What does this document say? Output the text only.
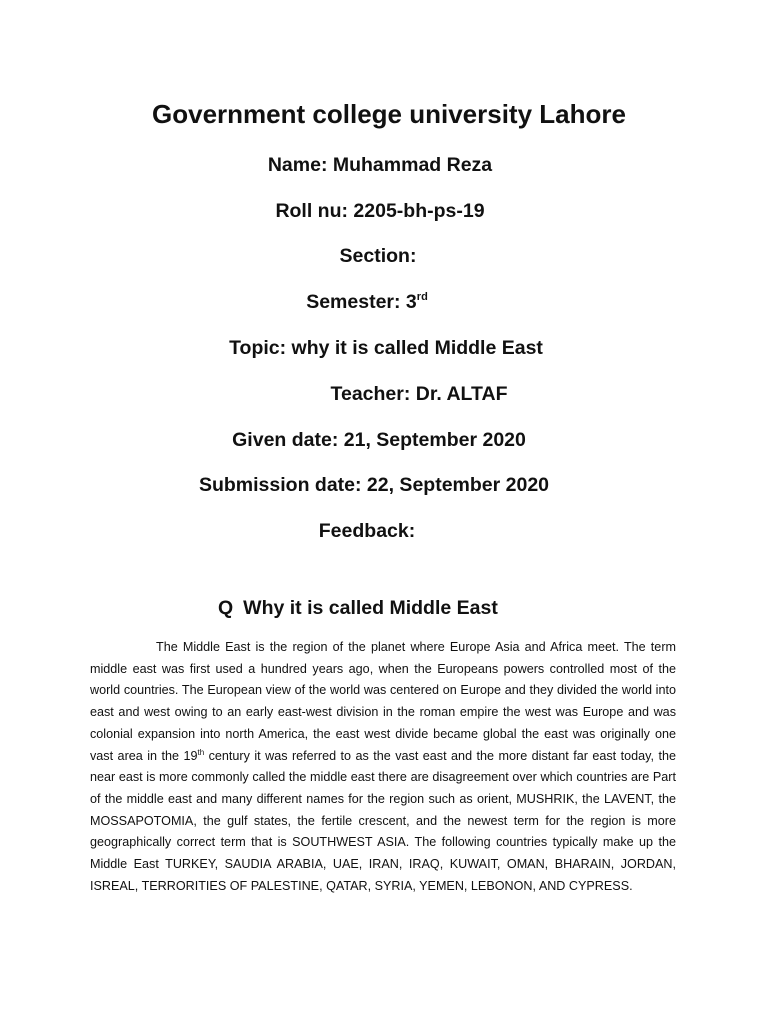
Government college university Lahore
Name: Muhammad Reza
Roll nu: 2205-bh-ps-19
Section:
Semester: 3rd
Topic: why it is called Middle East
Teacher: Dr. ALTAF
Given date: 21, September 2020
Submission date: 22, September 2020
Feedback:
Q Why it is called Middle East

The Middle East is the region of the planet where Europe Asia and Africa meet. The term middle east was first used a hundred years ago, when the Europeans powers controlled most of the world countries. The European view of the world was centered on Europe and they divided the world into east and west owing to an early east-west division in the roman empire the west was Europe and was colonial expansion into north America, the east west divide became global the east was originally one vast area in the 19th century it was referred to as the vast east and the more distant far east today, the near east is more commonly called the middle east there are disagreement over which countries are Part of the middle east and many different names for the region such as orient, MUSHRIK, the LAVENT, the MOSSAPOTOMIA, the gulf states, the fertile crescent, and the newest term for the region is more geographically correct term that is SOUTHWEST ASIA. The following countries typically make up the Middle East TURKEY, SAUDIA ARABIA, UAE, IRAN, IRAQ, KUWAIT, OMAN, BHARAIN, JORDAN, ISREAL, TERRORITIES OF PALESTINE, QATAR, SYRIA, YEMEN, LEBONON, AND CYPRESS.
